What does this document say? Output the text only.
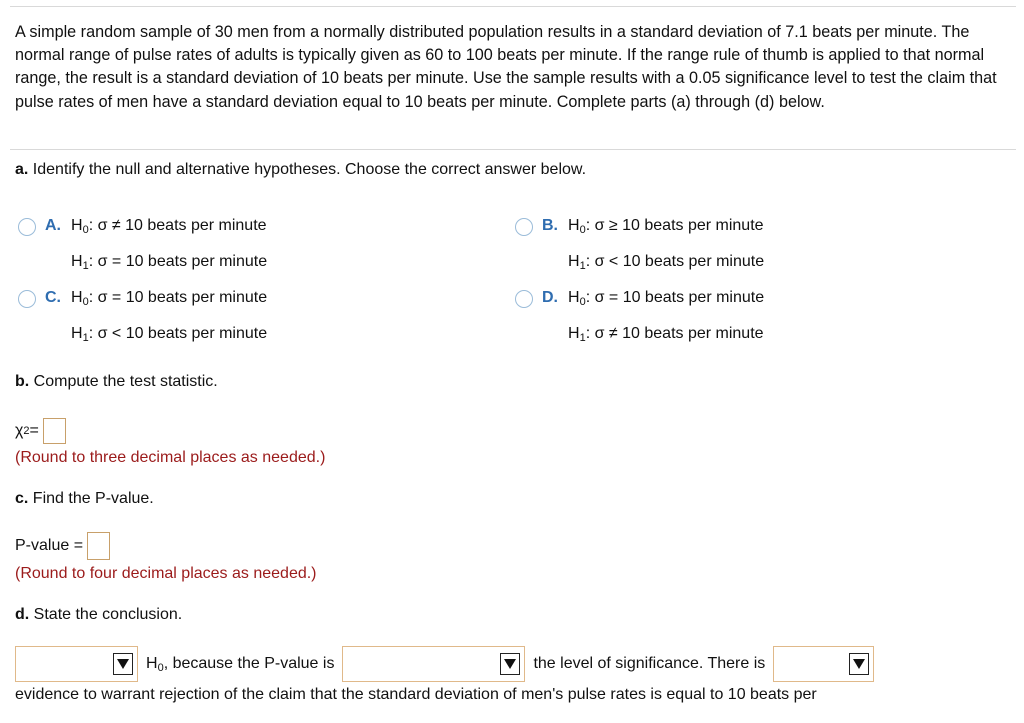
A simple random sample of 30 men from a normally distributed population results in a standard deviation of 7.1 beats per minute. The normal range of pulse rates of adults is typically given as 60 to 100 beats per minute. If the range rule of thumb is applied to that normal range, the result is a standard deviation of 10 beats per minute. Use the sample results with a 0.05 significance level to test the claim that pulse rates of men have a standard deviation equal to 10 beats per minute. Complete parts (a) through (d) below.
a. Identify the null and alternative hypotheses. Choose the correct answer below.
A. $H_0$: σ ≠ 10 beats per minute
$H_1$: σ = 10 beats per minute
B. $H_0$: σ ≥ 10 beats per minute
$H_1$: σ < 10 beats per minute
C. $H_0$: σ = 10 beats per minute
$H_1$: σ < 10 beats per minute
D. $H_0$: σ = 10 beats per minute
$H_1$: σ ≠ 10 beats per minute
b. Compute the test statistic.
χ 2 =
(Round to three decimal places as needed.)
c. Find the P-value.
P-value =
(Round to four decimal places as needed.)
d. State the conclusion.
$H_0$, because the P-value is	the level of significance. There is
evidence to warrant rejection of the claim that the standard deviation of men's pulse rates is equal to 10 beats per
